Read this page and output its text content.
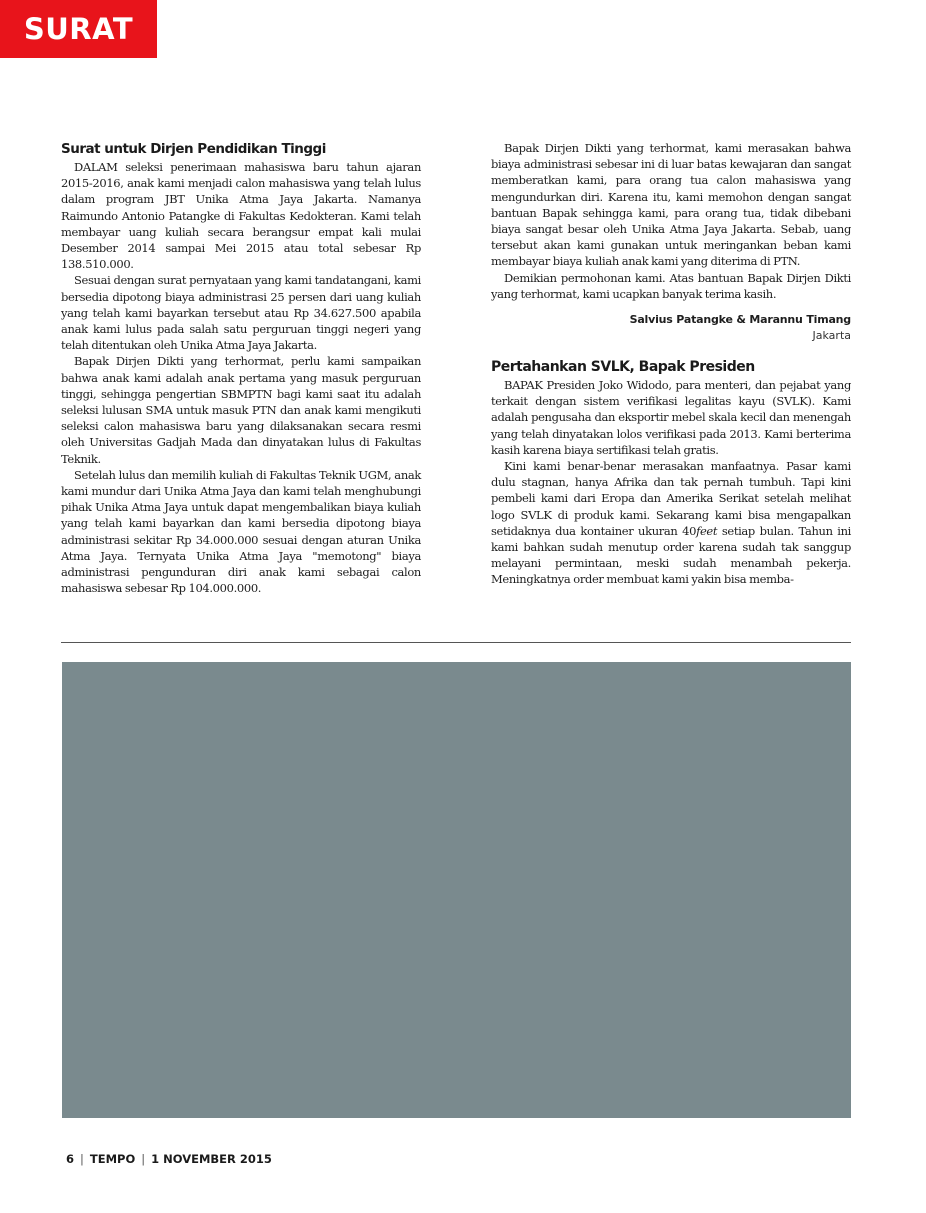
SURAT
Surat untuk Dirjen Pendidikan Tinggi

DALAM seleksi penerimaan mahasiswa baru tahun ajaran 2015-2016, anak kami menjadi calon mahasiswa yang telah lulus dalam program JBT Unika Atma Jaya Jakarta. Namanya Raimundo Antonio Patangke di Fakultas Kedokteran. Kami telah membayar uang kuliah secara berangsur empat kali mulai Desember 2014 sampai Mei 2015 atau total sebesar Rp 138.510.000.

Sesuai dengan surat pernyataan yang kami tandatangani, kami bersedia dipotong biaya administrasi 25 persen dari uang kuliah yang telah kami bayarkan tersebut atau Rp 34.627.500 apabila anak kami lulus pada salah satu perguruan tinggi negeri yang telah ditentukan oleh Unika Atma Jaya Jakarta.

Bapak Dirjen Dikti yang terhormat, perlu kami sampaikan bahwa anak kami adalah anak pertama yang masuk perguruan tinggi, sehingga pengertian SBMPTN bagi kami saat itu adalah seleksi lulusan SMA untuk masuk PTN dan anak kami mengikuti seleksi calon mahasiswa baru yang dilaksanakan secara resmi oleh Universitas Gadjah Mada dan dinyatakan lulus di Fakultas Teknik.

Setelah lulus dan memilih kuliah di Fakultas Teknik UGM, anak kami mundur dari Unika Atma Jaya dan kami telah menghubungi pihak Unika Atma Jaya untuk dapat mengembalikan biaya kuliah yang telah kami bayarkan dan kami bersedia dipotong biaya administrasi sekitar Rp 34.000.000 sesuai dengan aturan Unika Atma Jaya. Ternyata Unika Atma Jaya "memotong" biaya administrasi pengunduran diri anak kami sebagai calon mahasiswa sebesar Rp 104.000.000.

Bapak Dirjen Dikti yang terhormat, kami merasakan bahwa biaya administrasi sebesar ini di luar batas kewajaran dan sangat memberatkan kami, para orang tua calon mahasiswa yang mengundurkan diri. Karena itu, kami memohon dengan sangat bantuan Bapak sehingga kami, para orang tua, tidak dibebani biaya sangat besar oleh Unika Atma Jaya Jakarta. Sebab, uang tersebut akan kami gunakan untuk meringankan beban kami membayar biaya kuliah anak kami yang diterima di PTN.

Demikian permohonan kami. Atas bantuan Bapak Dirjen Dikti yang terhormat, kami ucapkan banyak terima kasih.

Salvius Patangke & Marannu Timang
Jakarta
Pertahankan SVLK, Bapak Presiden

BAPAK Presiden Joko Widodo, para menteri, dan pejabat yang terkait dengan sistem verifikasi legalitas kayu (SVLK). Kami adalah pengusaha dan eksportir mebel skala kecil dan menengah yang telah dinyatakan lolos verifikasi pada 2013. Kami berterima kasih karena biaya sertifikasi telah gratis.

Kini kami benar-benar merasakan manfaatnya. Pasar kami dulu stagnan, hanya Afrika dan tak pernah tumbuh. Tapi kini pembeli kami dari Eropa dan Amerika Serikat setelah melihat logo SVLK di produk kami. Sekarang kami bisa mengapalkan setidaknya dua kontainer ukuran 40feet setiap bulan. Tahun ini kami bahkan sudah menutup order karena sudah tak sanggup melayani permintaan, meski sudah menambah pekerja. Meningkatnya order membuat kami yakin bisa memba-

6 | TEMPO | 1 NOVEMBER 2015
